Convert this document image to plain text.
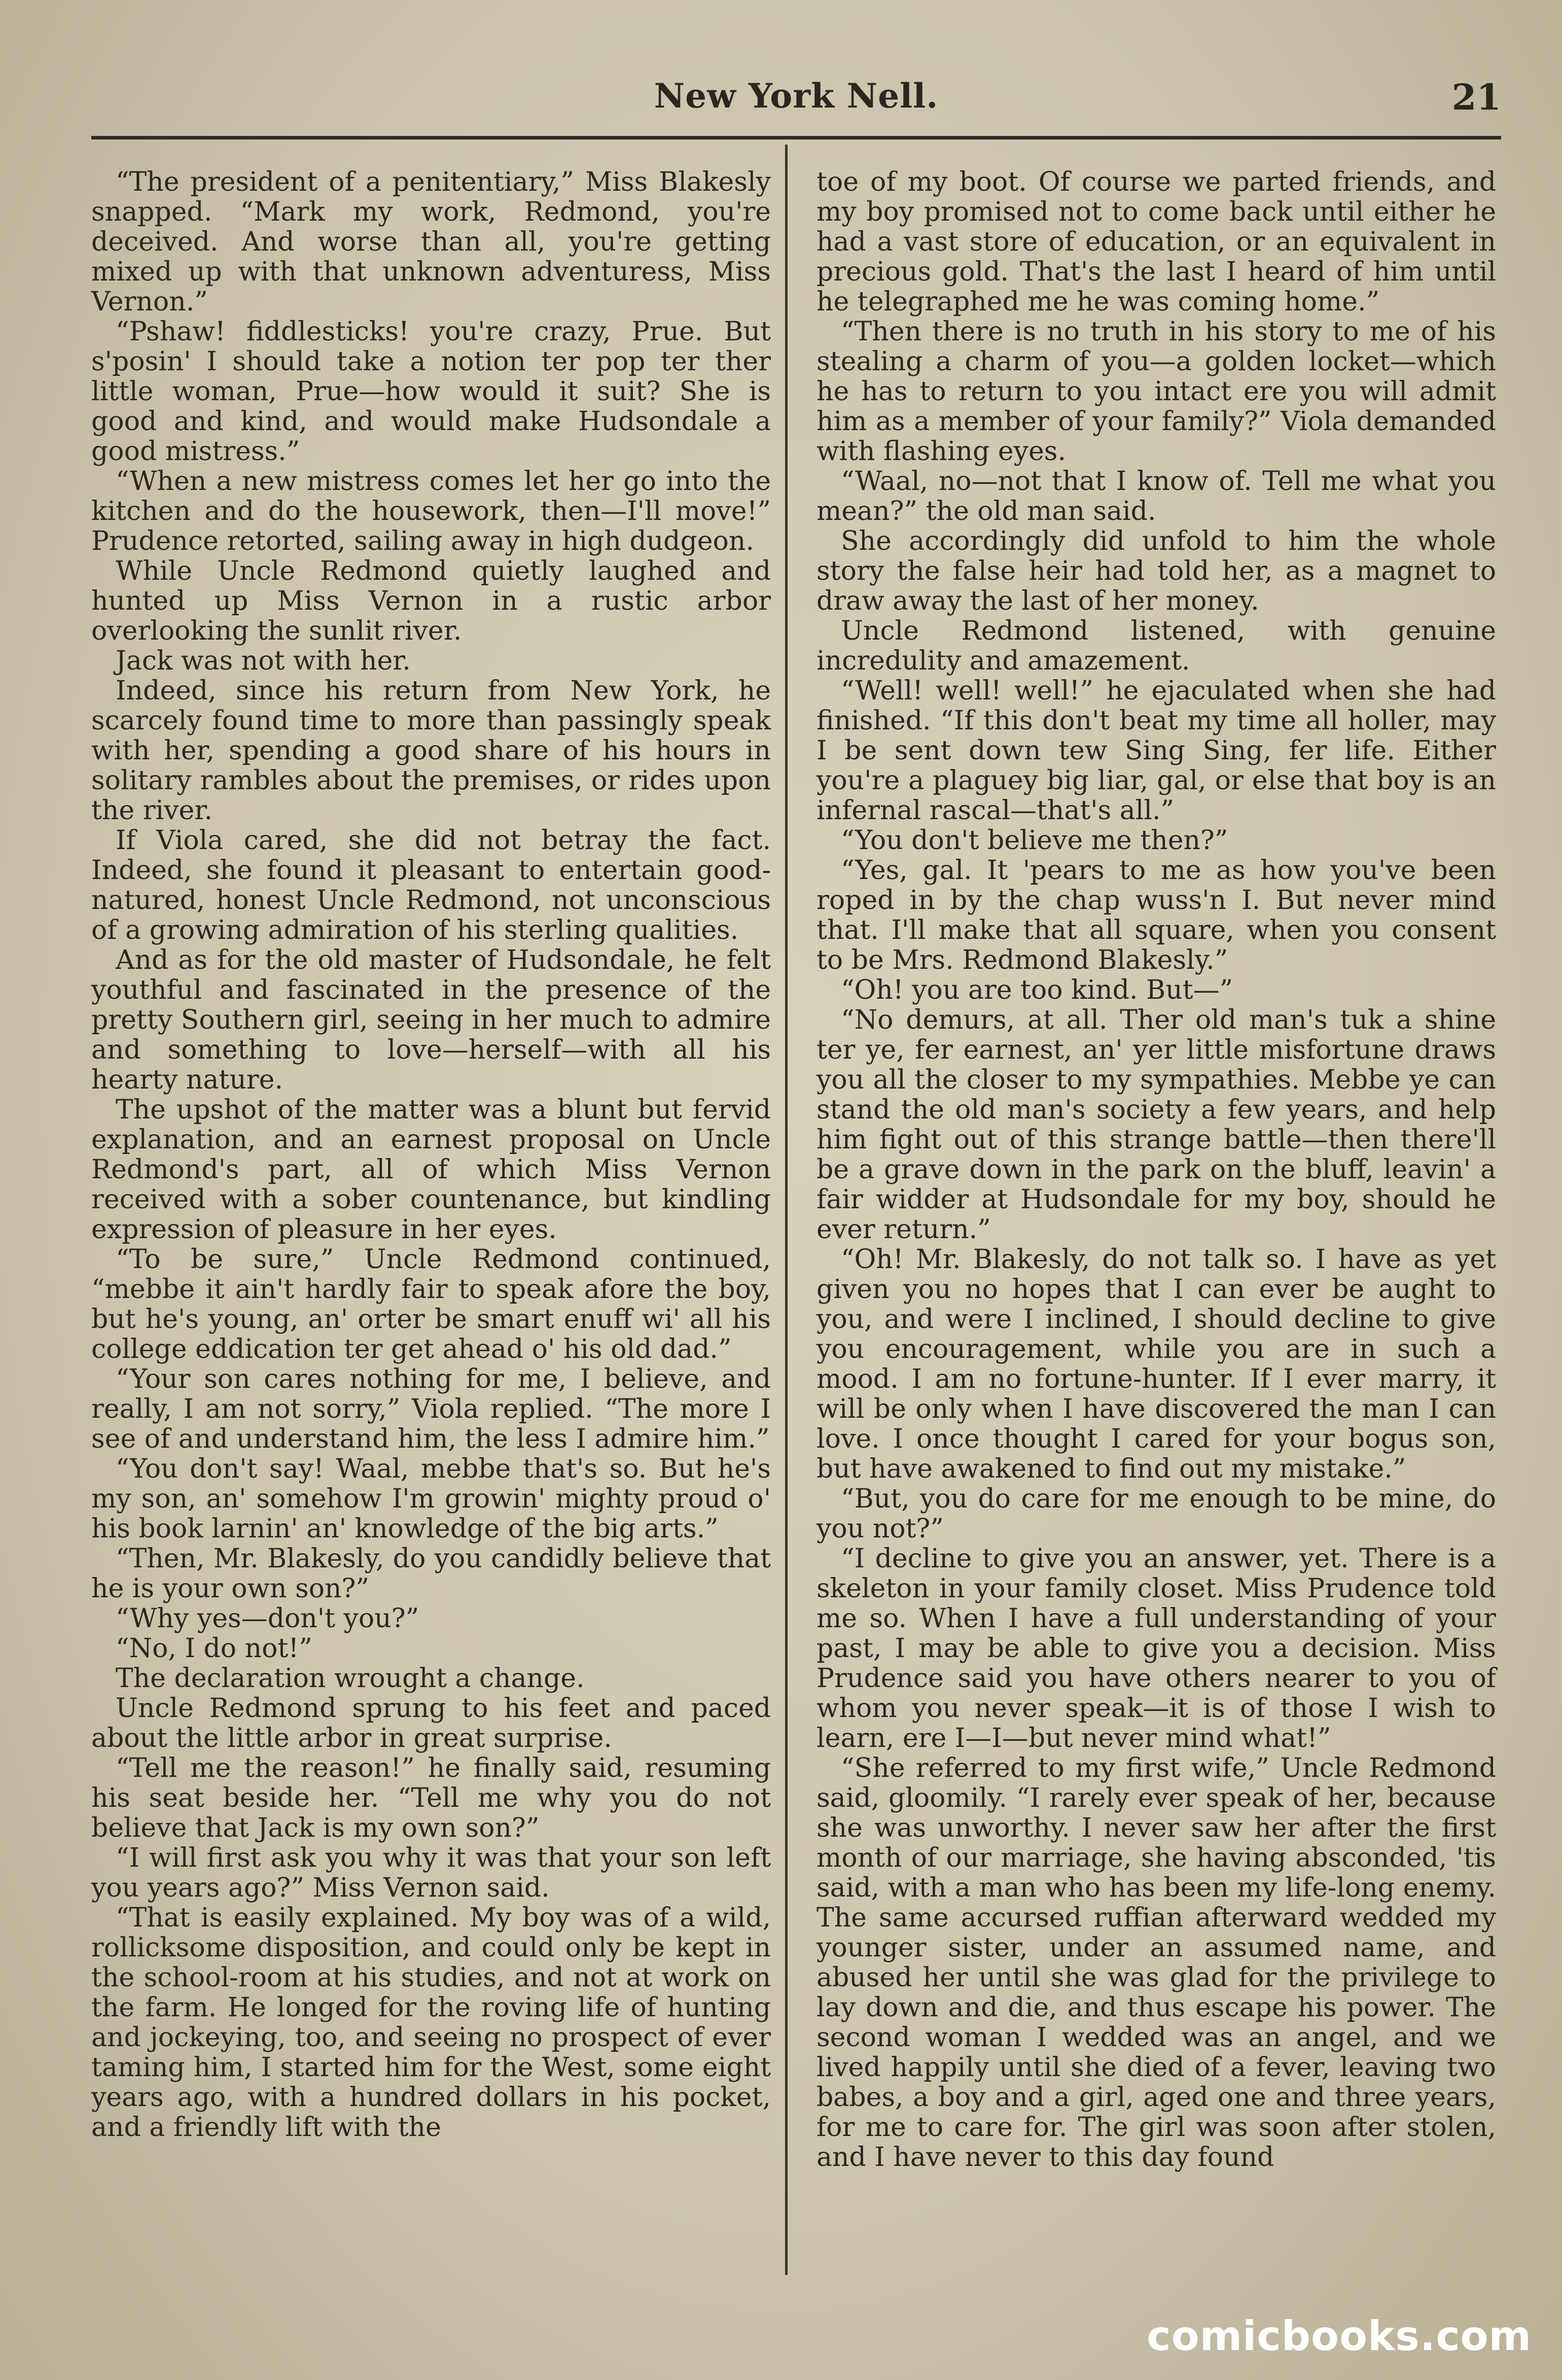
New York Nell.	21

“The president of a penitentiary,” Miss Blakesly snapped. “Mark my work, Redmond, you're deceived. And worse than all, you're getting mixed up with that unknown adventuress, Miss Vernon.”

“Pshaw! fiddlesticks! you're crazy, Prue. But s'posin' I should take a notion ter pop ter ther little woman, Prue—how would it suit? She is good and kind, and would make Hudsondale a good mistress.”

“When a new mistress comes let her go into the kitchen and do the housework, then—I'll move!” Prudence retorted, sailing away in high dudgeon.

While Uncle Redmond quietly laughed and hunted up Miss Vernon in a rustic arbor overlooking the sunlit river.

Jack was not with her.

Indeed, since his return from New York, he scarcely found time to more than passingly speak with her, spending a good share of his hours in solitary rambles about the premises, or rides upon the river.

If Viola cared, she did not betray the fact. Indeed, she found it pleasant to entertain good-natured, honest Uncle Redmond, not unconscious of a growing admiration of his sterling qualities.

And as for the old master of Hudsondale, he felt youthful and fascinated in the presence of the pretty Southern girl, seeing in her much to admire and something to love—herself—with all his hearty nature.

The upshot of the matter was a blunt but fervid explanation, and an earnest proposal on Uncle Redmond's part, all of which Miss Vernon received with a sober countenance, but kindling expression of pleasure in her eyes.

“To be sure,” Uncle Redmond continued, “mebbe it ain't hardly fair to speak afore the boy, but he's young, an' orter be smart enuff wi' all his college eddication ter get ahead o' his old dad.”

“Your son cares nothing for me, I believe, and really, I am not sorry,” Viola replied. “The more I see of and understand him, the less I admire him.”

“You don't say! Waal, mebbe that's so. But he's my son, an' somehow I'm growin' mighty proud o' his book larnin' an' knowledge of the big arts.”

“Then, Mr. Blakesly, do you candidly believe that he is your own son?”

“Why yes—don't you?”

“No, I do not!”

The declaration wrought a change.

Uncle Redmond sprung to his feet and paced about the little arbor in great surprise.

“Tell me the reason!” he finally said, resuming his seat beside her. “Tell me why you do not believe that Jack is my own son?”

“I will first ask you why it was that your son left you years ago?” Miss Vernon said.

“That is easily explained. My boy was of a wild, rollicksome disposition, and could only be kept in the school-room at his studies, and not at work on the farm. He longed for the roving life of hunting and jockeying, too, and seeing no prospect of ever taming him, I started him for the West, some eight years ago, with a hundred dollars in his pocket, and a friendly lift with the

toe of my boot. Of course we parted friends, and my boy promised not to come back until either he had a vast store of education, or an equivalent in precious gold. That's the last I heard of him until he telegraphed me he was coming home.”

“Then there is no truth in his story to me of his stealing a charm of you—a golden locket—which he has to return to you intact ere you will admit him as a member of your family?” Viola demanded with flashing eyes.

“Waal, no—not that I know of. Tell me what you mean?” the old man said.

She accordingly did unfold to him the whole story the false heir had told her, as a magnet to draw away the last of her money.

Uncle Redmond listened, with genuine incredulity and amazement.

“Well! well! well!” he ejaculated when she had finished. “If this don't beat my time all holler, may I be sent down tew Sing Sing, fer life. Either you're a plaguey big liar, gal, or else that boy is an infernal rascal—that's all.”

“You don't believe me then?”

“Yes, gal. It 'pears to me as how you've been roped in by the chap wuss'n I. But never mind that. I'll make that all square, when you consent to be Mrs. Redmond Blakesly.”

“Oh! you are too kind. But—”

“No demurs, at all. Ther old man's tuk a shine ter ye, fer earnest, an' yer little misfortune draws you all the closer to my sympathies. Mebbe ye can stand the old man's society a few years, and help him fight out of this strange battle—then there'll be a grave down in the park on the bluff, leavin' a fair widder at Hudsondale for my boy, should he ever return.”

“Oh! Mr. Blakesly, do not talk so. I have as yet given you no hopes that I can ever be aught to you, and were I inclined, I should decline to give you encouragement, while you are in such a mood. I am no fortune-hunter. If I ever marry, it will be only when I have discovered the man I can love. I once thought I cared for your bogus son, but have awakened to find out my mistake.”

“But, you do care for me enough to be mine, do you not?”

“I decline to give you an answer, yet. There is a skeleton in your family closet. Miss Prudence told me so. When I have a full understanding of your past, I may be able to give you a decision. Miss Prudence said you have others nearer to you of whom you never speak—it is of those I wish to learn, ere I—I—but never mind what!”

“She referred to my first wife,” Uncle Redmond said, gloomily. “I rarely ever speak of her, because she was unworthy. I never saw her after the first month of our marriage, she having absconded, 'tis said, with a man who has been my life-long enemy. The same accursed ruffian afterward wedded my younger sister, under an assumed name, and abused her until she was glad for the privilege to lay down and die, and thus escape his power. The second woman I wedded was an angel, and we lived happily until she died of a fever, leaving two babes, a boy and a girl, aged one and three years, for me to care for. The girl was soon after stolen, and I have never to this day found

comicbooks.com
